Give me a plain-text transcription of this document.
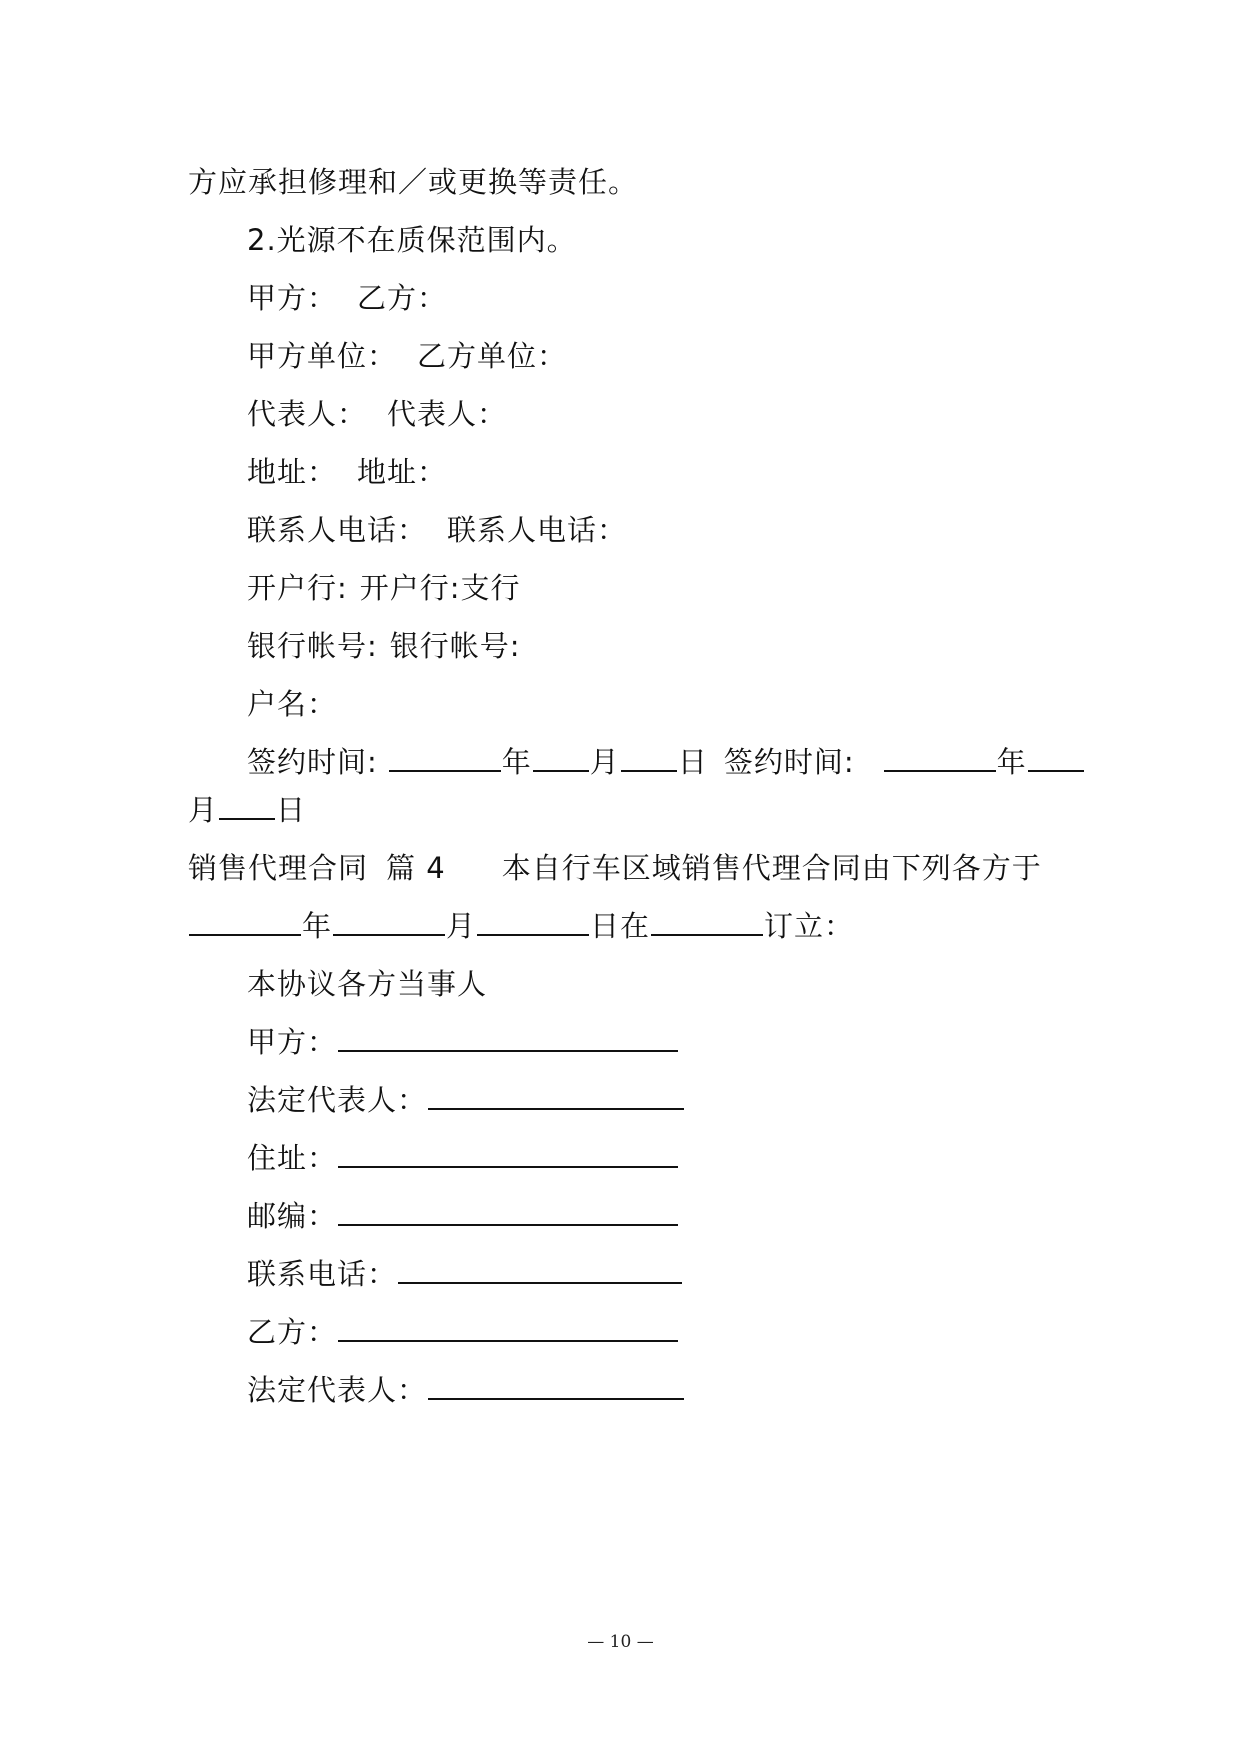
方应承担修理和／或更换等责任。
2.光源不在质保范围内。
甲方： 乙方：
甲方单位： 乙方单位：
代表人： 代表人：
地址： 地址：
联系人电话： 联系人电话：
开户行: 开户行:支行
银行帐号: 银行帐号:
户名：
签约时间:	年 月 日 签约时间:	年
月 日
销售代理合同 篇 4 本自行车区域销售代理合同由下列各方于
年	月	日在	订立：
本协议各方当事人
甲方：
法定代表人：
住址：
邮编：
联系电话：
乙方：
法定代表人：
— 10 —
